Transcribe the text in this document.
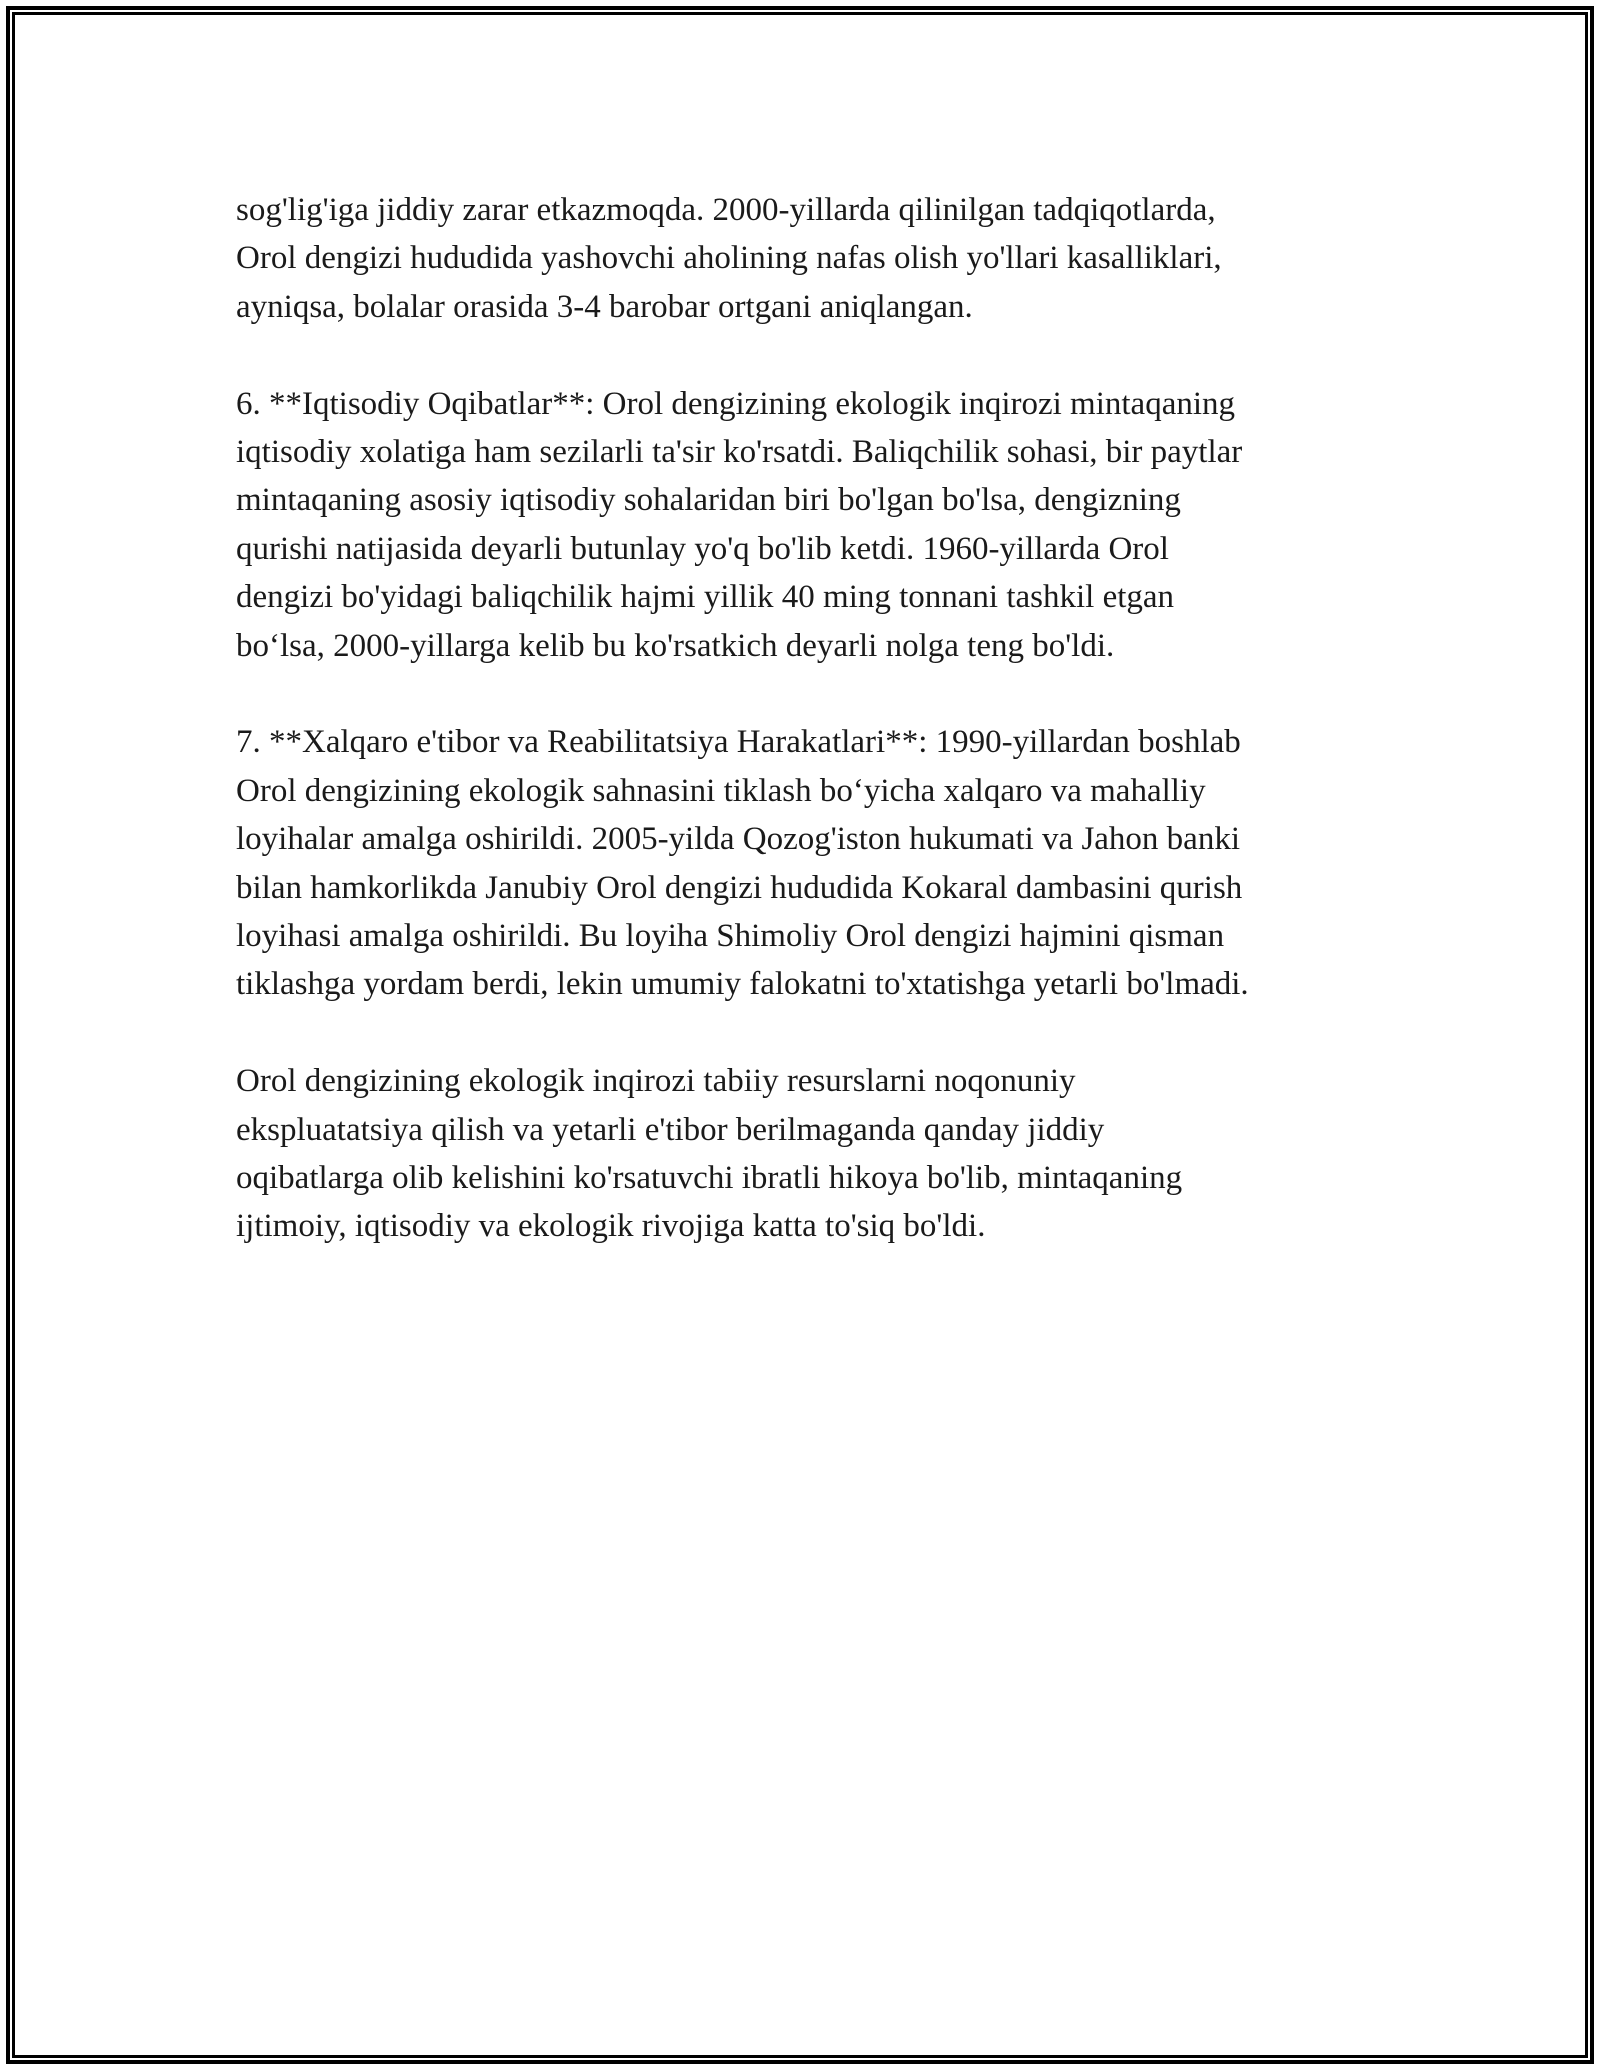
sog'lig'iga jiddiy zarar etkazmoqda. 2000-yillarda qilinilgan tadqiqotlarda,
Orol dengizi hududida yashovchi aholining nafas olish yo'llari kasalliklari,
ayniqsa, bolalar orasida 3-4 barobar ortgani aniqlangan.

6. **Iqtisodiy Oqibatlar**: Orol dengizining ekologik inqirozi mintaqaning
iqtisodiy xolatiga ham sezilarli ta'sir ko'rsatdi. Baliqchilik sohasi, bir paytlar
mintaqaning asosiy iqtisodiy sohalaridan biri bo'lgan bo'lsa, dengizning
qurishi natijasida deyarli butunlay yo'q bo'lib ketdi. 1960-yillarda Orol
dengizi bo'yidagi baliqchilik hajmi yillik 40 ming tonnani tashkil etgan
bo‘lsa, 2000-yillarga kelib bu ko'rsatkich deyarli nolga teng bo'ldi.

7. **Xalqaro e'tibor va Reabilitatsiya Harakatlari**: 1990-yillardan boshlab
Orol dengizining ekologik sahnasini tiklash bo‘yicha xalqaro va mahalliy
loyihalar amalga oshirildi. 2005-yilda Qozog'iston hukumati va Jahon banki
bilan hamkorlikda Janubiy Orol dengizi hududida Kokaral dambasini qurish
loyihasi amalga oshirildi. Bu loyiha Shimoliy Orol dengizi hajmini qisman
tiklashga yordam berdi, lekin umumiy falokatni to'xtatishga yetarli bo'lmadi.

Orol dengizining ekologik inqirozi tabiiy resurslarni noqonuniy
ekspluatatsiya qilish va yetarli e'tibor berilmaganda qanday jiddiy
oqibatlarga olib kelishini ko'rsatuvchi ibratli hikoya bo'lib, mintaqaning
ijtimoiy, iqtisodiy va ekologik rivojiga katta to'siq bo'ldi.
